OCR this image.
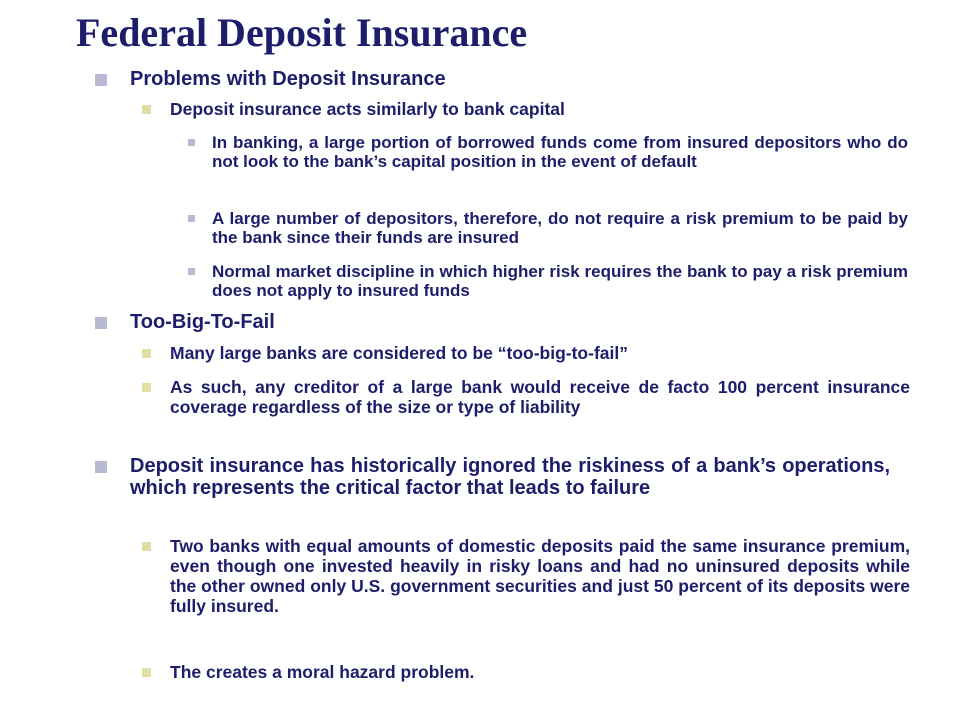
Federal Deposit Insurance
Problems with Deposit Insurance
Deposit insurance acts similarly to bank capital
In banking, a large portion of borrowed funds come from insured depositors who do not look to the bank’s capital position in the event of default
A large number of depositors, therefore, do not require a risk premium to be paid by the bank since their funds are insured
Normal market discipline in which higher risk requires the bank to pay a risk premium does not apply to insured funds
Too-Big-To-Fail
Many large banks are considered to be “too-big-to-fail”
As such, any creditor of a large bank would receive de facto 100 percent insurance coverage regardless of the size or type of liability
Deposit insurance has historically ignored the riskiness of a bank’s operations, which represents the critical factor that leads to failure
Two banks with equal amounts of domestic deposits paid the same insurance premium, even though one invested heavily in risky loans and had no uninsured deposits while the other owned only U.S. government securities and just 50 percent of its deposits were fully insured.
The creates a moral hazard problem.
